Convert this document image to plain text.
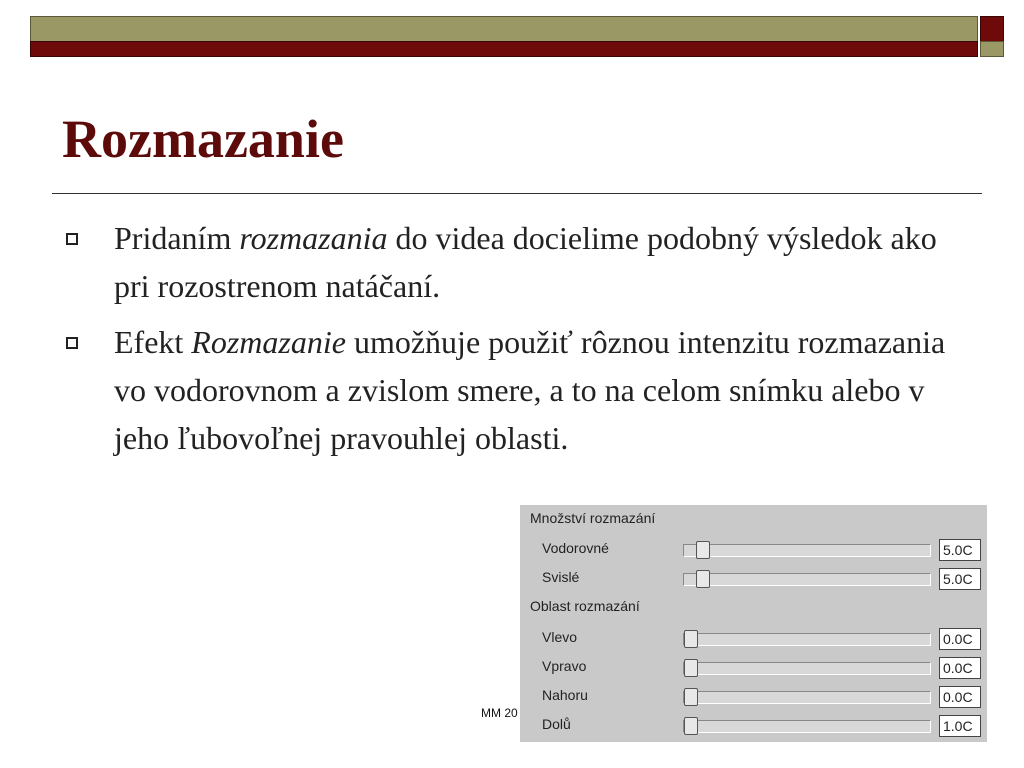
Rozmazanie
Pridaním rozmazania do videa docielime podobný výsledok ako pri rozostrenom natáčaní.
Efekt Rozmazanie umožňuje použiť rôznou intenzitu rozmazania vo vodorovnom a zvislom smere, a to na celom snímku alebo v jeho ľubovoľnej pravouhlej oblasti.
MM 20
Množství rozmazání
Vodorovné	5.0C
Svislé	5.0C
Oblast rozmazání
Vlevo	0.0C
Vpravo	0.0C
Nahoru	0.0C
Dolů	1.0C
